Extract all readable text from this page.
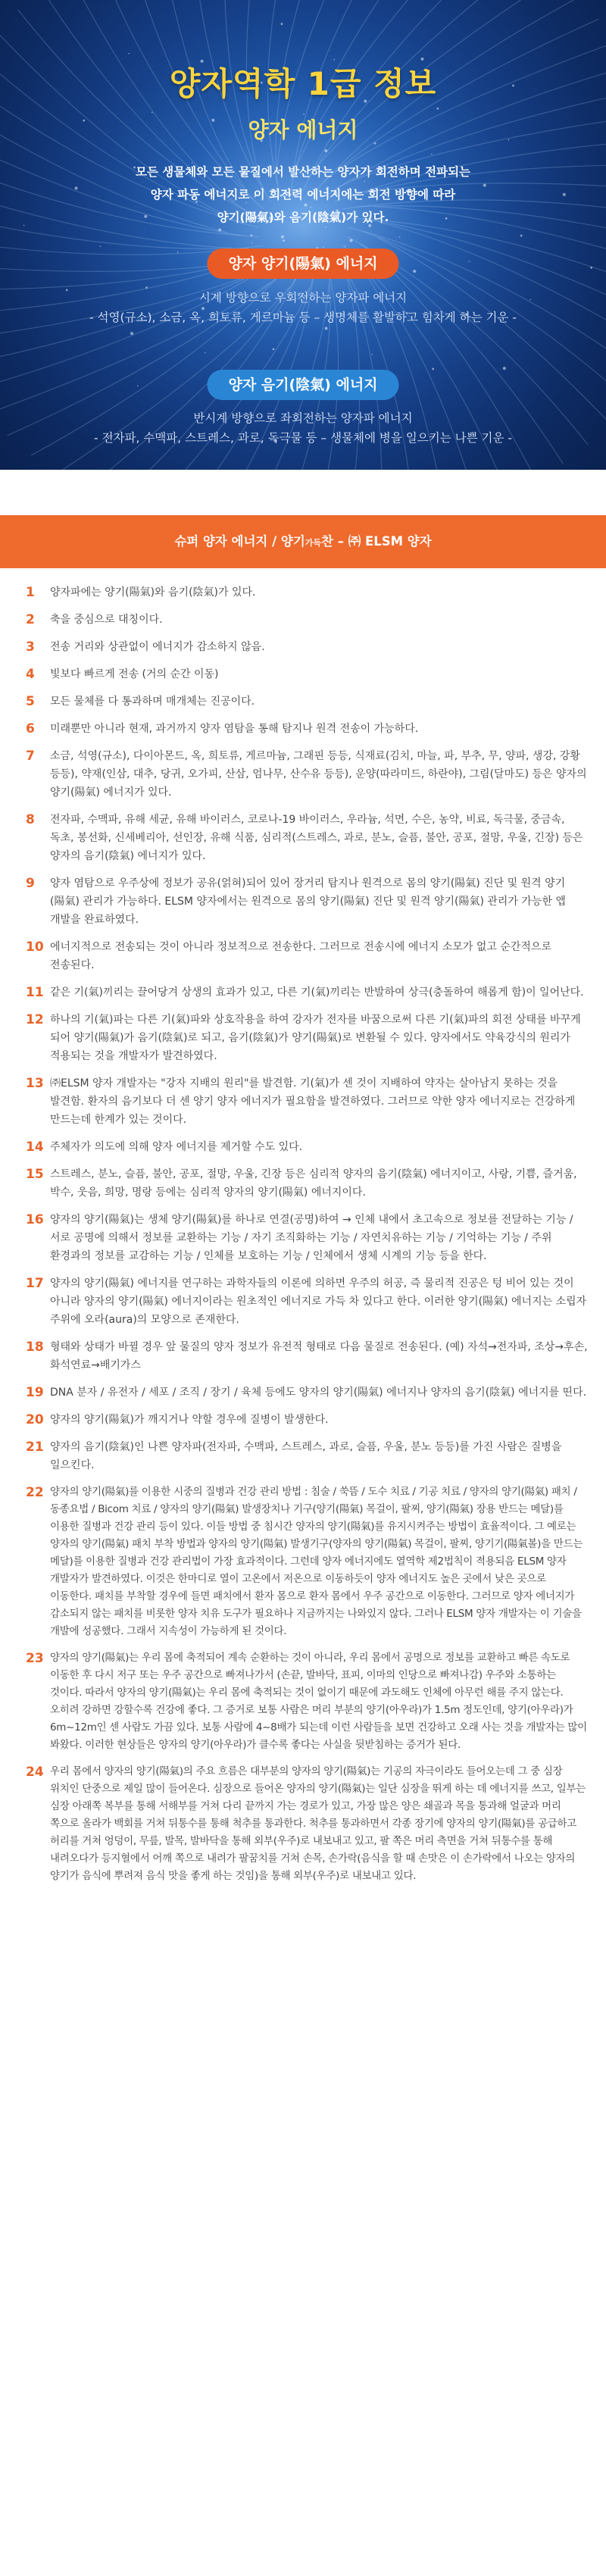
양자역학 1급 정보
양자 에너지
모든 생물체와 모든 물질에서 발산하는 양자가 회전하며 전파되는
양자 파동 에너지로 이 회전력 에너지에는 회전 방향에 따라
양기(陽氣)와 음기(陰氣)가 있다.
양자 양기(陽氣) 에너지
시계 방향으로 우회전하는 양자파 에너지
- 석영(규소), 소금, 옥, 희토류, 게르마늄 등 – 생명체를 활발하고 힘차게 하는 기운 -
양자 음기(陰氣) 에너지
반시계 방향으로 좌회전하는 양자파 에너지
- 전자파, 수맥파, 스트레스, 과로, 독극물 등 – 생물체에 병을 일으키는 나쁜 기운 -
슈퍼 양자 에너지 / 양기가득찬 – ㈜ ELSM 양자
1	양자파에는 양기(陽氣)와 음기(陰氣)가 있다.
2	축을 중심으로 대칭이다.
3	전송 거리와 상관없이 에너지가 감소하지 않음.
4	빛보다 빠르게 전송 (거의 순간 이동)
5	모든 물체를 다 통과하며 매개체는 진공이다.
6	미래뿐만 아니라 현재, 과거까지 양자 염탐을 통해 탐지나 원격 전송이 가능하다.
7	소금, 석영(규소), 다이아몬드, 옥, 희토류, 게르마늄, 그래핀 등등, 식재료(김치, 마늘, 파, 부추, 무, 양파, 생강, 강황 등등), 약재(인삼, 대추, 당귀, 오가피, 산삼, 엄나무, 산수유 등등), 운양(따라미드, 하란야), 그림(달마도) 등은 양자의 양기(陽氣) 에너지가 있다.
8	전자파, 수맥파, 유해 세균, 유해 바이러스, 코로나-19 바이러스, 우라늄, 석면, 수은, 농약, 비료, 독극물, 중금속, 독초, 봉선화, 신세베리아, 선인장, 유해 식품, 심리적(스트레스, 과로, 분노, 슬픔, 불안, 공포, 절망, 우울, 긴장) 등은 양자의 음기(陰氣) 에너지가 있다.
9	양자 염탐으로 우주상에 정보가 공유(얽혀)되어 있어 장거리 탐지나 원격으로 몸의 양기(陽氣) 진단 및 원격 양기(陽氣) 관리가 가능하다. ELSM 양자에서는 원격으로 몸의 양기(陽氣) 진단 및 원격 양기(陽氣) 관리가 가능한 앱 개발을 완료하였다.
10 에너지적으로 전송되는 것이 아니라 정보적으로 전송한다. 그러므로 전송시에 에너지 소모가 없고 순간적으로 전송된다.
11 같은 기(氣)끼리는 끌어당겨 상생의 효과가 있고, 다른 기(氣)끼리는 반발하여 상극(충돌하여 해롭게 함)이 일어난다.
12 하나의 기(氣)파는 다른 기(氣)파와 상호작용을 하여 강자가 전자를 바꿈으로써 다른 기(氣)파의 회전 상태를 바꾸게 되어 양기(陽氣)가 음기(陰氣)로 되고, 음기(陰氣)가 양기(陽氣)로 변환될 수 있다. 양자에서도 약육강식의 원리가 적용되는 것을 개발자가 발견하였다.
13 ㈜ELSM 양자 개발자는 "강자 지배의 원리"를 발견함. 기(氣)가 센 것이 지배하여 약자는 살아남지 못하는 것을 발견함. 환자의 음기보다 더 센 양기 양자 에너지가 필요함을 발견하였다. 그러므로 약한 양자 에너지로는 건강하게 만드는데 한계가 있는 것이다.
14 주체자가 의도에 의해 양자 에너지를 제거할 수도 있다.
15 스트레스, 분노, 슬픔, 불안, 공포, 절망, 우울, 긴장 등은 심리적 양자의 음기(陰氣) 에너지이고, 사랑, 기쁨, 즐거움, 박수, 웃음, 희망, 명랑 등에는 심리적 양자의 양기(陽氣) 에너지이다.
16 양자의 양기(陽氣)는 생체 양기(陽氣)를 하나로 연결(공명)하여 → 인체 내에서 초고속으로 정보를 전달하는 기능 / 서로 공명에 의해서 정보를 교환하는 기능 / 자기 조직화하는 기능 / 자연치유하는 기능 / 기억하는 기능 / 주위 환경과의 정보를 교감하는 기능 / 인체를 보호하는 기능 / 인체에서 생체 시계의 기능 등을 한다.
17 양자의 양기(陽氣) 에너지를 연구하는 과학자들의 이론에 의하면 우주의 허공, 즉 물리적 진공은 텅 비어 있는 것이 아니라 양자의 양기(陽氣) 에너지이라는 원초적인 에너지로 가득 차 있다고 한다. 이러한 양기(陽氣) 에너지는 소립자 주위에 오라(aura)의 모양으로 존재한다.
18 형태와 상태가 바뀔 경우 앞 물질의 양자 정보가 유전적 형태로 다음 물질로 전송된다. (예) 자석→전자파, 조상→후손, 화석연료→배기가스
19 DNA 분자 / 유전자 / 세포 / 조직 / 장기 / 육체 등에도 양자의 양기(陽氣) 에너지나 양자의 음기(陰氣) 에너지를 띤다.
20 양자의 양기(陽氣)가 깨지거나 약할 경우에 질병이 발생한다.
21 양자의 음기(陰氣)인 나쁜 양자파(전자파, 수맥파, 스트레스, 과로, 슬픔, 우울, 분노 등등)를 가진 사람은 질병을 일으킨다.
22 양자의 양기(陽氣)를 이용한 시중의 질병과 건강 관리 방법 : 침술 / 쑥뜸 / 도수 치료 / 기공 치료 / 양자의 양기(陽氣) 패치 / 동종요법 / Bicom 치료 / 양자의 양기(陽氣) 발생장치나 기구(양기(陽氣) 목걸이, 팔찌, 양기(陽氣) 장용 반드는 메달)를 이용한 질병과 건강 관리 등이 있다. 이들 방법 중 침시간 양자의 양기(陽氣)를 유지시켜주는 방법이 효율적이다. 그 예로는 양자의 양기(陽氣) 패치 부착 방법과 양자의 양기(陽氣) 발생기구(양자의 양기(陽氣) 목걸이, 팔찌, 양기기(陽氣볼)을 만드는 메달)를 이용한 질병과 건강 관리법이 가장 효과적이다. 그런데 양자 에너지에도 열역학 제2법칙이 적용되음 ELSM 양자 개발자가 발견하였다. 이것은 한마디로 열이 고온에서 저온으로 이동하듯이 양자 에너지도 높은 곳에서 낮은 곳으로 이동한다. 패치를 부착할 경우에 들면 패치에서 환자 몸으로 환자 몸에서 우주 공간으로 이동한다. 그러므로 양자 에너지가 감소되지 않는 패치를 비롯한 양자 치유 도구가 필요하나 지금까지는 나와있지 않다. 그러나 ELSM 양자 개발자는 이 기술을 개발에 성공했다. 그래서 지속성이 가능하게 된 것이다.
23 양자의 양기(陽氣)는 우리 몸에 축적되어 계속 순환하는 것이 아니라, 우리 몸에서 공명으로 정보를 교환하고 빠른 속도로 이동한 후 다시 저구 또는 우주 공간으로 빠져나가서 (손끝, 발바닥, 표피, 이마의 인당으로 빠져나감) 우주와 소통하는 것이다. 따라서 양자의 양기(陽氣)는 우리 몸에 축적되는 것이 없이기 때문에 과도해도 인체에 아무런 해를 주지 않는다. 오히려 강하면 강할수록 건강에 좋다. 그 증거로 보통 사람은 머리 부분의 양기(아우라)가 1.5m 정도인데, 양기(아우라)가 6m~12m인 센 사람도 가끔 있다. 보통 사람에 4~8배가 되는데 이런 사람들을 보면 건강하고 오래 사는 것을 개발자는 많이 봐왔다. 이러한 현상들은 양자의 양기(아우라)가 클수록 좋다는 사실을 뒷받침하는 증거가 된다.
24 우리 몸에서 양자의 양기(陽氣)의 주요 흐름은 대부분의 양자의 양기(陽氣)는 기공의 자극이라도 들어오는데 그 중 심장 위치인 단중으로 제일 많이 들어온다. 심장으로 들어온 양자의 양기(陽氣)는 일단 심장을 뛰게 하는 데 에너지를 쓰고, 일부는 심장 아래쪽 복부를 통해 서해부를 거쳐 다리 끝까지 가는 경로가 있고, 가장 많은 양은 쇄골과 목을 통과해 얼굴과 머리 쪽으로 올라가 백회를 거쳐 뒤통수를 통해 척추를 통과한다. 척추를 통과하면서 각종 장기에 양자의 양기(陽氣)를 공급하고 허리를 거쳐 엉덩이, 무릎, 발목, 발바닥을 통해 외부(우주)로 내보내고 있고, 팔 쪽은 머리 측면을 거쳐 뒤통수를 통해 내려오다가 등지혈에서 어깨 쪽으로 내려가 팔꿈치를 거쳐 손목, 손가락(음식을 할 때 손맛은 이 손가락에서 나오는 양자의 양기가 음식에 뿌려져 음식 맛을 좋게 하는 것임)을 통해 외부(우주)로 내보내고 있다.
